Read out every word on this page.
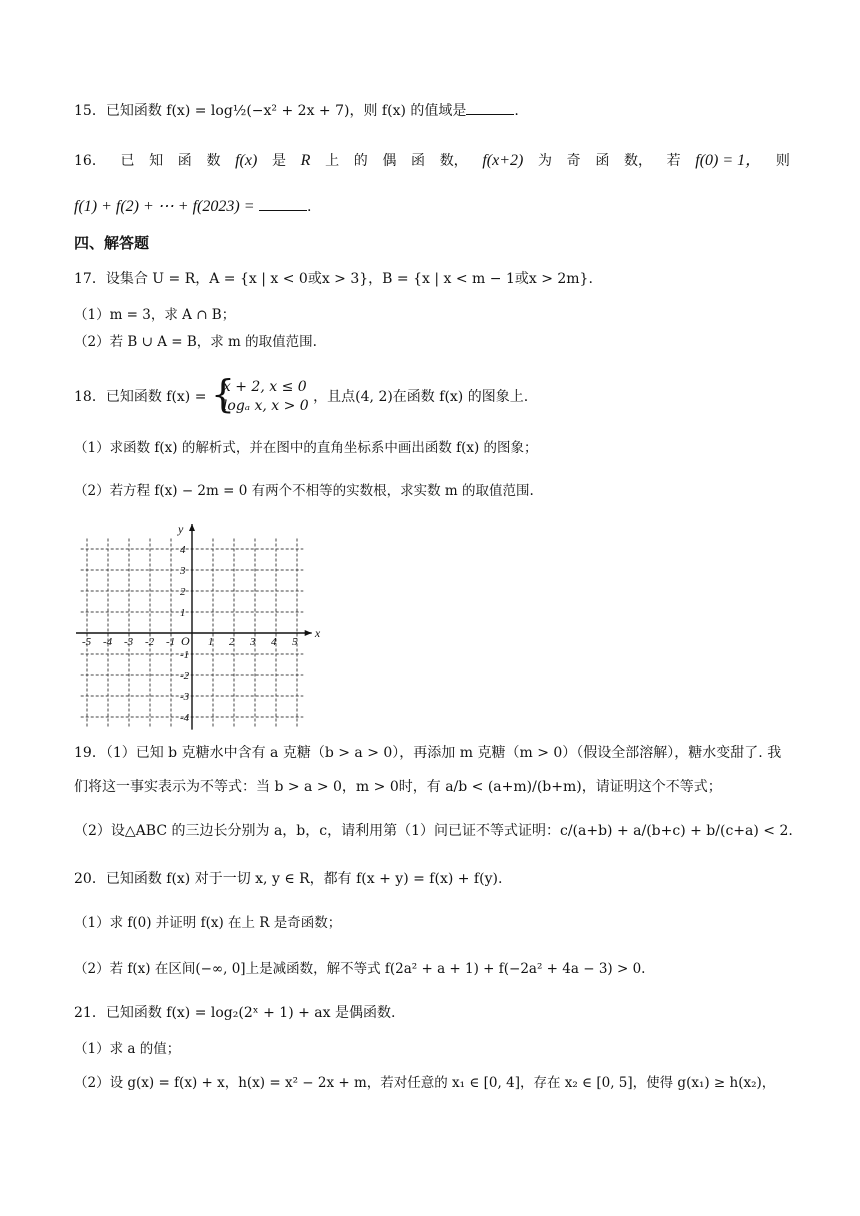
15．已知函数 f(x) = log½(−x² + 2x + 7)，则 f(x) 的值域是	.
16． 已 知 函 数 f(x) 是 R 上 的 偶 函 数， f(x+2) 为 奇 函 数， 若 f(0) = 1， 则
f(1) + f(2) + ⋯ + f(2023) =	.
四、解答题
17．设集合 U = R，A = {x | x < 0或x > 3}，B = {x | x < m − 1或x > 2m}.
（1）m = 3，求 A ∩ B；
（2）若 B ∪ A = B，求 m 的取值范围.
18．已知函数 f(x) = {
x + 2, x ≤ 0
logₐ x, x > 0
，且点(4, 2)在函数 f(x) 的图象上.
（1）求函数 f(x) 的解析式，并在图中的直角坐标系中画出函数 f(x) 的图象；
（2）若方程 f(x) − 2m = 0 有两个不相等的实数根，求实数 m 的取值范围.
x
y
O
-5 -4 -3 -2 -1	1 2 3 4 5
4
3
2
1
-1
-2
-3
-4
19．（1）已知 b 克糖水中含有 a 克糖（b > a > 0），再添加 m 克糖（m > 0）（假设全部溶解），糖水变甜了. 我
们将这一事实表示为不等式：当 b > a > 0，m > 0时，有 a/b < (a+m)/(b+m)，请证明这个不等式；
（2）设△ABC 的三边长分别为 a，b，c，请利用第（1）问已证不等式证明：c/(a+b) + a/(b+c) + b/(c+a) < 2.
20．已知函数 f(x) 对于一切 x, y ∈ R，都有 f(x + y) = f(x) + f(y).
（1）求 f(0) 并证明 f(x) 在上 R 是奇函数；
（2）若 f(x) 在区间(−∞, 0]上是减函数，解不等式 f(2a² + a + 1) + f(−2a² + 4a − 3) > 0.
21．已知函数 f(x) = log₂(2ˣ + 1) + ax 是偶函数.
（1）求 a 的值；
（2）设 g(x) = f(x) + x，h(x) = x² − 2x + m，若对任意的 x₁ ∈ [0, 4]，存在 x₂ ∈ [0, 5]，使得 g(x₁) ≥ h(x₂)，
